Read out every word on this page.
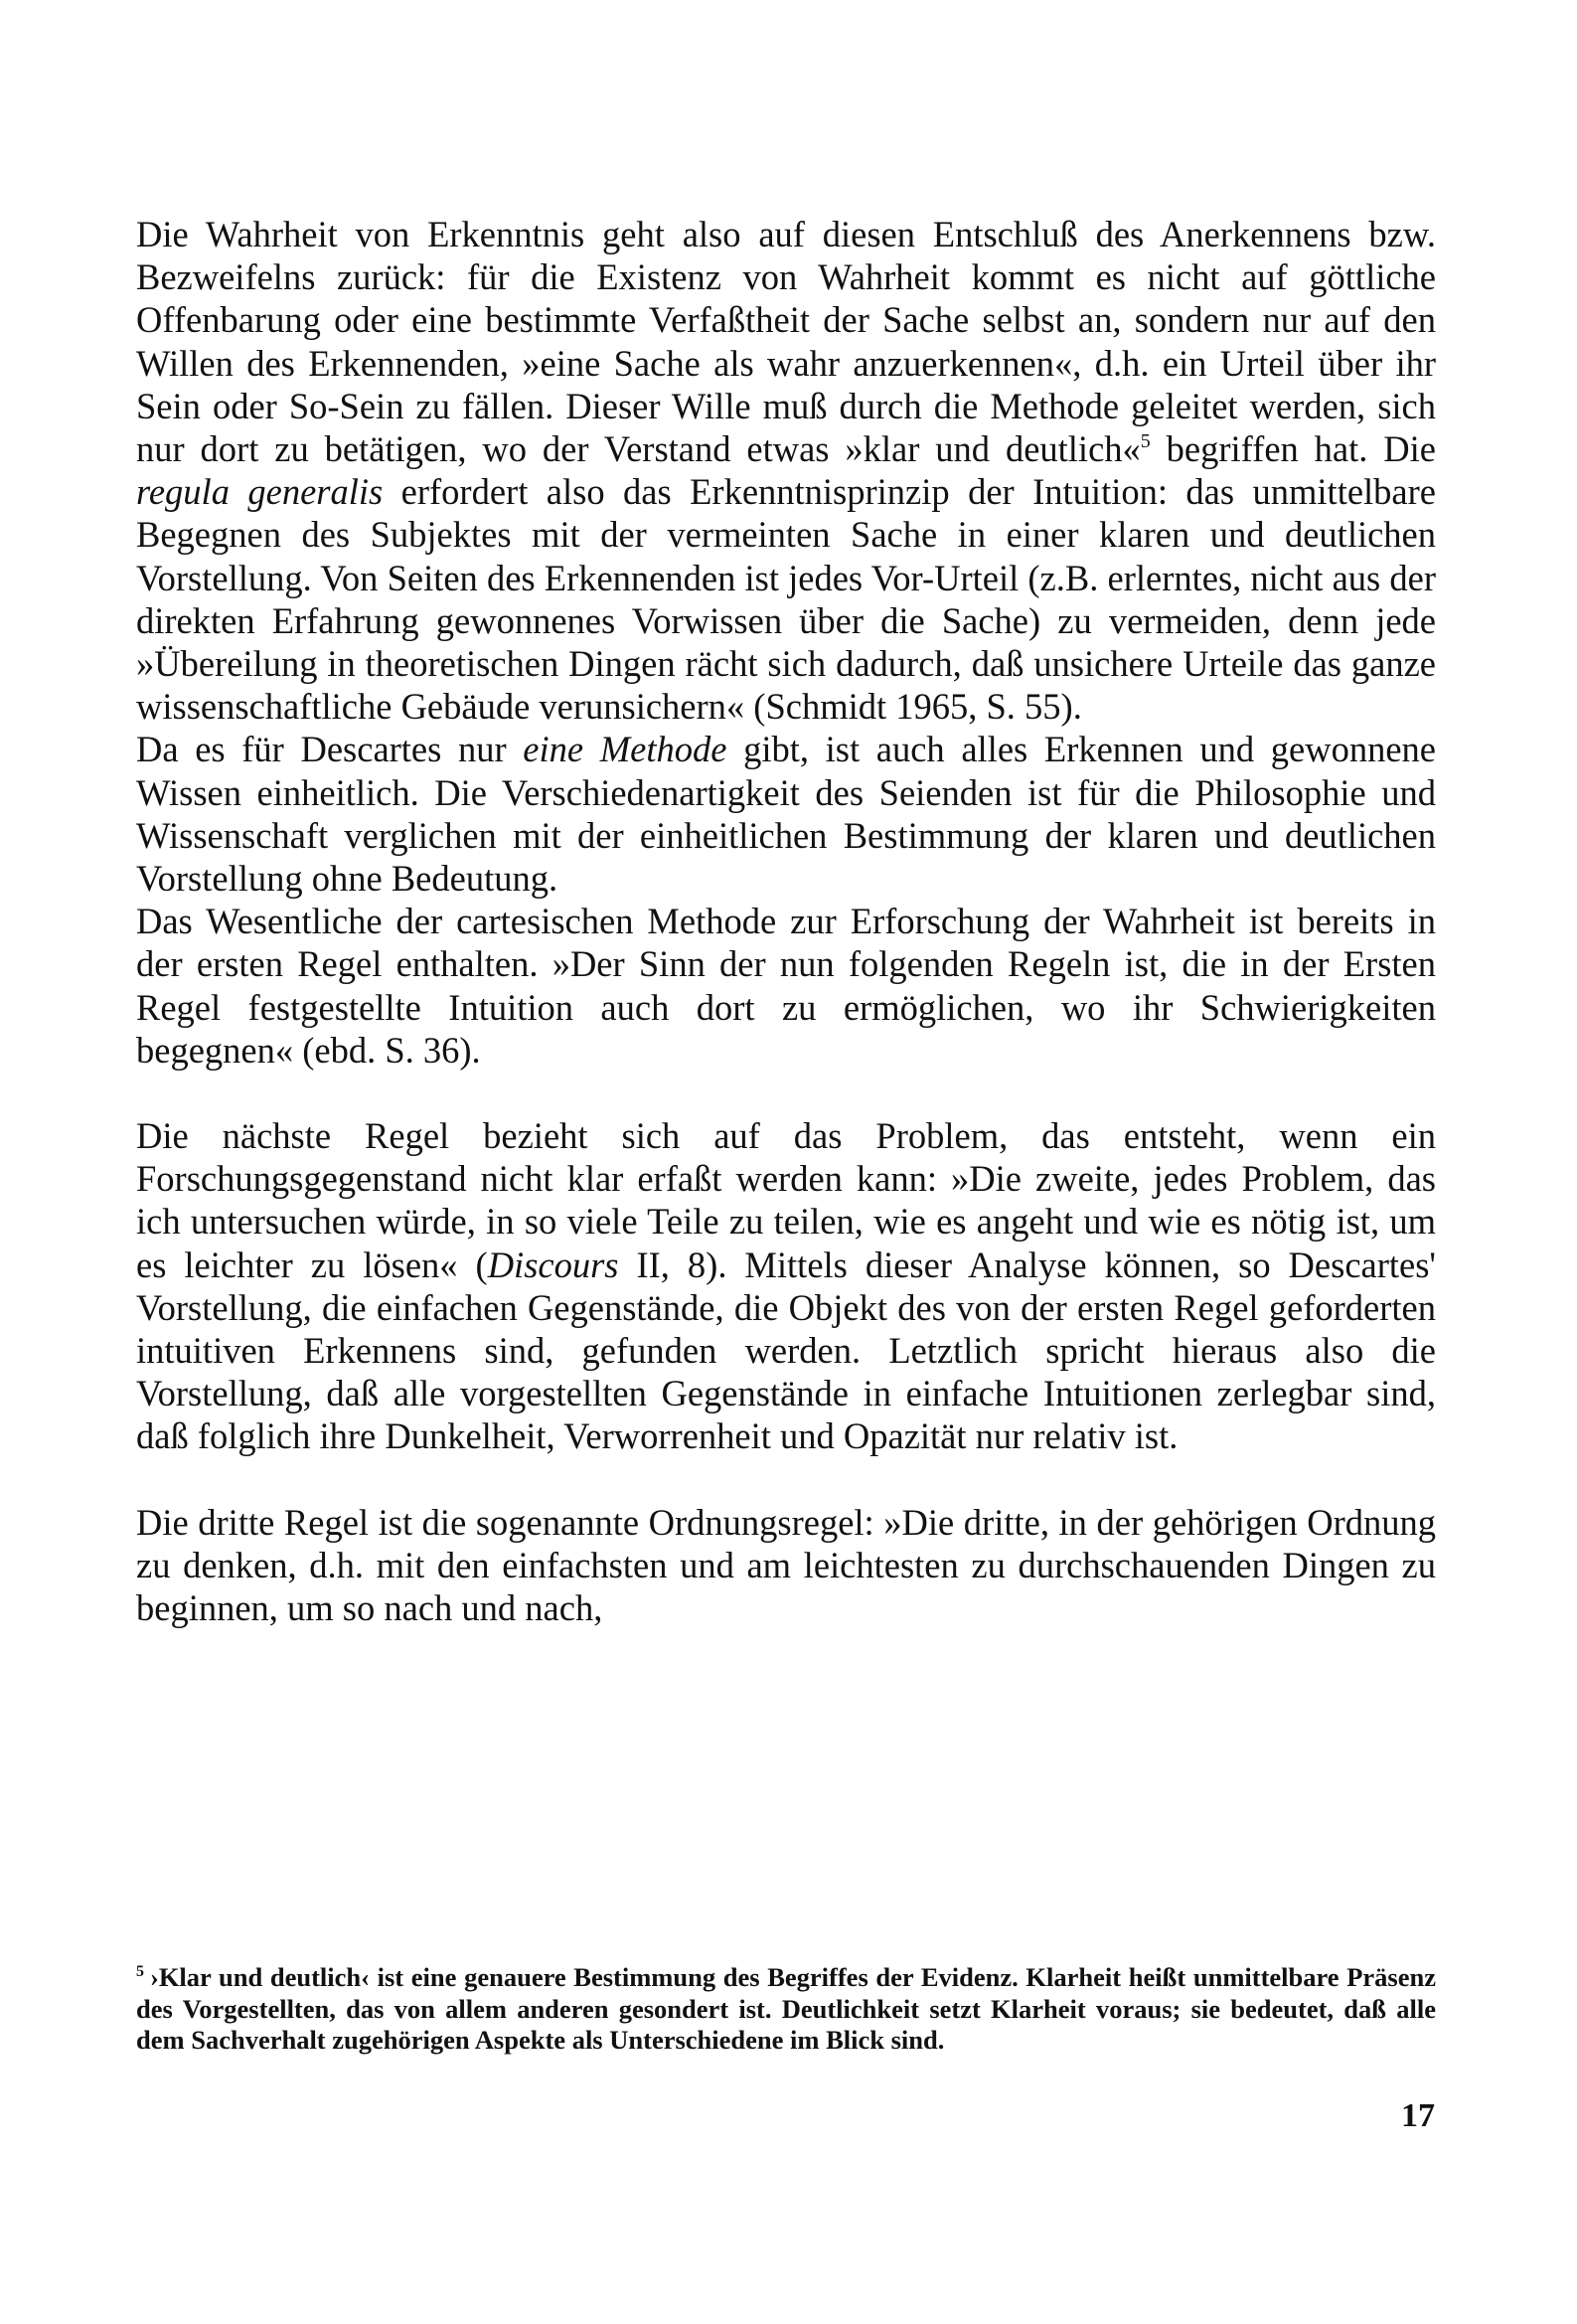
Die Wahrheit von Erkenntnis geht also auf diesen Entschluß des Anerkennens bzw. Bezweifelns zurück: für die Existenz von Wahrheit kommt es nicht auf göttliche Offenbarung oder eine bestimmte Verfaßtheit der Sache selbst an, sondern nur auf den Willen des Erkennenden, »eine Sache als wahr anzuerkennen«, d.h. ein Urteil über ihr Sein oder So-Sein zu fällen. Dieser Wille muß durch die Methode geleitet werden, sich nur dort zu betätigen, wo der Verstand etwas »klar und deutlich«$^5$ begriffen hat. Die regula generalis erfordert also das Erkenntnisprinzip der Intuition: das unmittelbare Begegnen des Subjektes mit der vermeinten Sache in einer klaren und deutlichen Vorstellung. Von Seiten des Erkennenden ist jedes Vor-Urteil (z.B. erlerntes, nicht aus der direkten Erfahrung gewonnenes Vorwissen über die Sache) zu vermeiden, denn jede »Übereilung in theoretischen Dingen rächt sich dadurch, daß unsichere Urteile das ganze wissenschaftliche Gebäude verunsichern« (Schmidt 1965, S. 55).

Da es für Descartes nur eine Methode gibt, ist auch alles Erkennen und gewonnene Wissen einheitlich. Die Verschiedenartigkeit des Seienden ist für die Philosophie und Wissenschaft verglichen mit der einheitlichen Bestimmung der klaren und deutlichen Vorstellung ohne Bedeutung.

Das Wesentliche der cartesischen Methode zur Erforschung der Wahrheit ist bereits in der ersten Regel enthalten. »Der Sinn der nun folgenden Regeln ist, die in der Ersten Regel festgestellte Intuition auch dort zu ermöglichen, wo ihr Schwierigkeiten begegnen« (ebd. S. 36).

Die nächste Regel bezieht sich auf das Problem, das entsteht, wenn ein Forschungsgegenstand nicht klar erfaßt werden kann: »Die zweite, jedes Problem, das ich untersuchen würde, in so viele Teile zu teilen, wie es angeht und wie es nötig ist, um es leichter zu lösen« (Discours II, 8). Mittels dieser Analyse können, so Descartes' Vorstellung, die einfachen Gegenstände, die Objekt des von der ersten Regel geforderten intuitiven Erkennens sind, gefunden werden. Letztlich spricht hieraus also die Vorstellung, daß alle vorgestellten Gegenstände in einfache Intuitionen zerlegbar sind, daß folglich ihre Dunkelheit, Verworrenheit und Opazität nur relativ ist.

Die dritte Regel ist die sogenannte Ordnungsregel: »Die dritte, in der gehörigen Ordnung zu denken, d.h. mit den einfachsten und am leichtesten zu durchschauenden Dingen zu beginnen, um so nach und nach,

$^5$ ›Klar und deutlich‹ ist eine genauere Bestimmung des Begriffes der Evidenz. Klarheit heißt unmittelbare Präsenz des Vorgestellten, das von allem anderen gesondert ist. Deutlichkeit setzt Klarheit voraus; sie bedeutet, daß alle dem Sachverhalt zugehörigen Aspekte als Unterschiedene im Blick sind.
17
